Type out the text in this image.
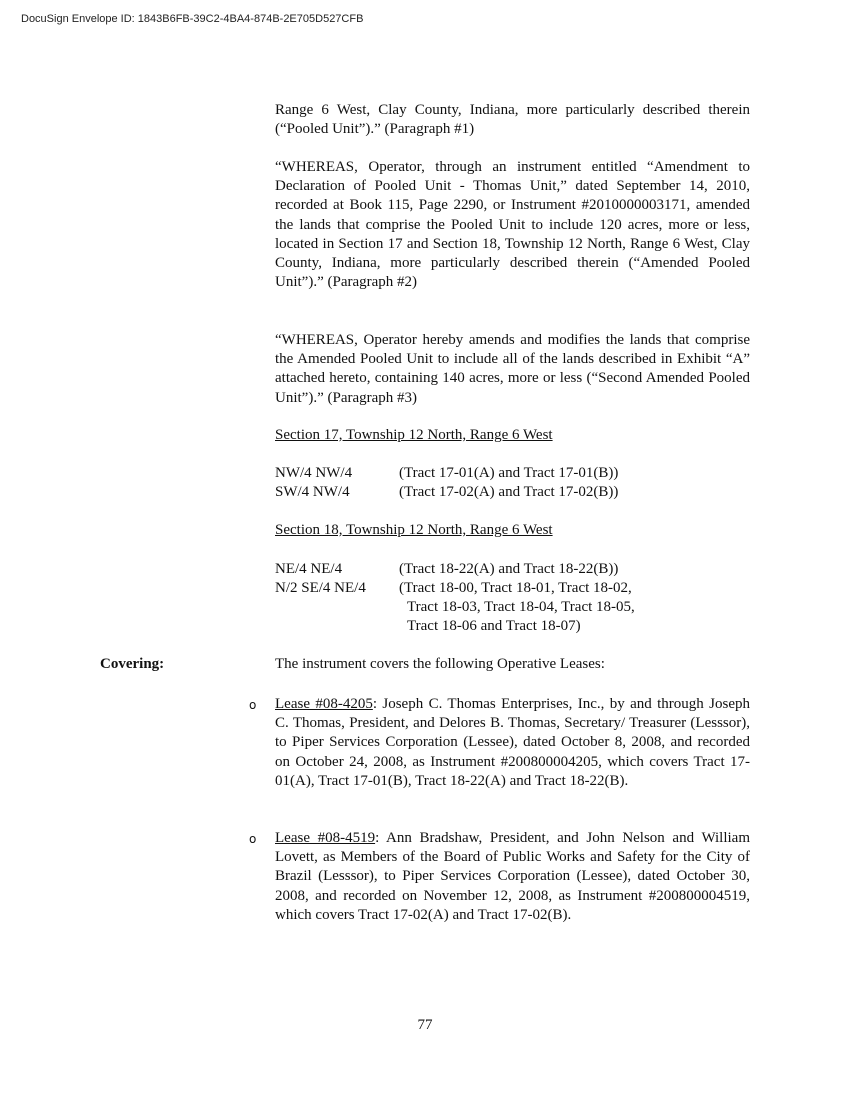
DocuSign Envelope ID: 1843B6FB-39C2-4BA4-874B-2E705D527CFB

Range 6 West, Clay County, Indiana, more particularly described therein (“Pooled Unit”).” (Paragraph #1)

“WHEREAS, Operator, through an instrument entitled “Amendment to Declaration of Pooled Unit - Thomas Unit,” dated September 14, 2010, recorded at Book 115, Page 2290, or Instrument #2010000003171, amended the lands that comprise the Pooled Unit to include 120 acres, more or less, located in Section 17 and Section 18, Township 12 North, Range 6 West, Clay County, Indiana, more particularly described therein (“Amended Pooled Unit”).” (Paragraph #2)

“WHEREAS, Operator hereby amends and modifies the lands that comprise the Amended Pooled Unit to include all of the lands described in Exhibit “A” attached hereto, containing 140 acres, more or less (“Second Amended Pooled Unit”).” (Paragraph #3)

Section 17, Township 12 North, Range 6 West
NW/4 NW/4	(Tract 17-01(A) and Tract 17-01(B))
SW/4 NW/4	(Tract 17-02(A) and Tract 17-02(B))
Section 18, Township 12 North, Range 6 West
NE/4 NE/4	(Tract 18-22(A) and Tract 18-22(B))
N/2 SE/4 NE/4 (Tract 18-00, Tract 18-01, Tract 18-02,
Tract 18-03, Tract 18-04, Tract 18-05,
Tract 18-06 and Tract 18-07)
Covering:	The instrument covers the following Operative Leases:
o Lease #08-4205: Joseph C. Thomas Enterprises, Inc., by and through Joseph C. Thomas, President, and Delores B. Thomas, Secretary/ Treasurer (Lesssor), to Piper Services Corporation (Lessee), dated October 8, 2008, and recorded on October 24, 2008, as Instrument #200800004205, which covers Tract 17-01(A), Tract 17-01(B), Tract 18-22(A) and Tract 18-22(B).

o Lease #08-4519: Ann Bradshaw, President, and John Nelson and William Lovett, as Members of the Board of Public Works and Safety for the City of Brazil (Lesssor), to Piper Services Corporation (Lessee), dated October 30, 2008, and recorded on November 12, 2008, as Instrument #200800004519, which covers Tract 17-02(A) and Tract 17-02(B).

77
